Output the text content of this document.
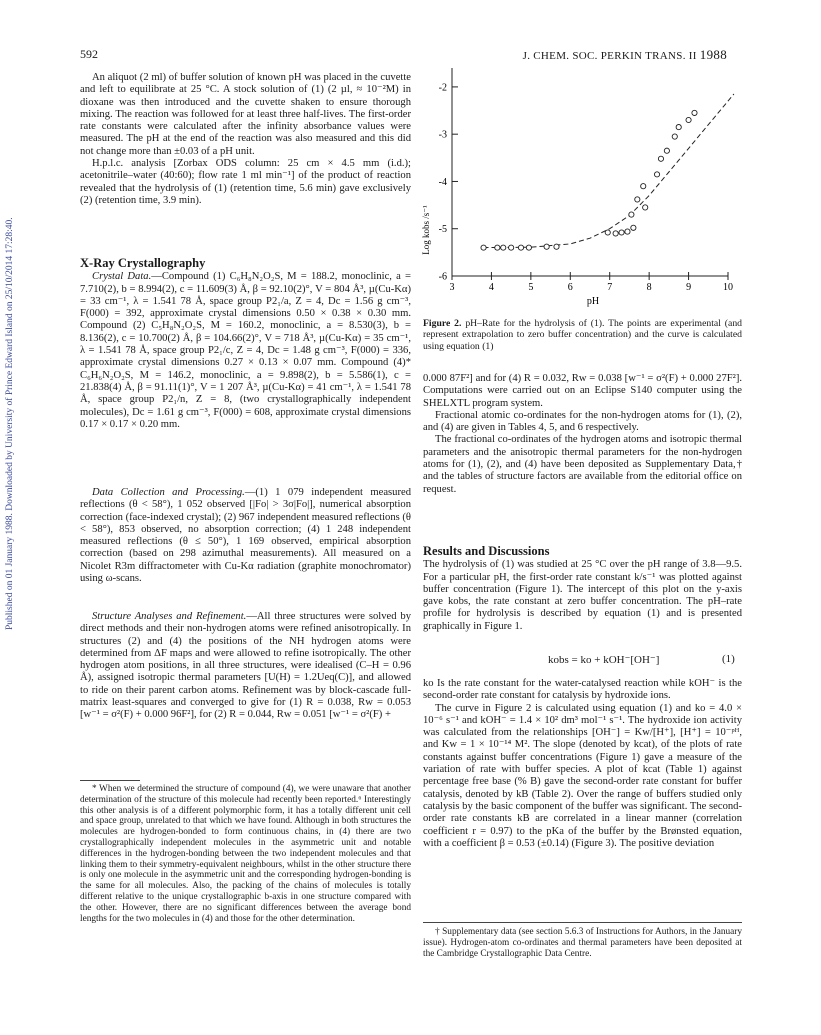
Published on 01 January 1988. Downloaded by University of Prince Edward Island on 25/10/2014 17:28:40.
592	J. CHEM. SOC. PERKIN TRANS. II 1988

An aliquot (2 ml) of buffer solution of known pH was placed in the cuvette and left to equilibrate at 25 °C. A stock solution of (1) (2 µl, ≈ 10⁻²M) in dioxane was then introduced and the cuvette shaken to ensure thorough mixing. The reaction was followed for at least three half-lives. The first-order rate constants were calculated after the infinity absorbance values were measured. The pH at the end of the reaction was also measured and this did not change more than ±0.03 of a pH unit.

H.p.l.c. analysis [Zorbax ODS column: 25 cm × 4.5 mm (i.d.); acetonitrile–water (40:60); flow rate 1 ml min⁻¹] of the product of reaction revealed that the hydrolysis of (1) (retention time, 5.6 min) gave exclusively (2) (retention time, 3.9 min).

X-Ray Crystallography

Crystal Data.—Compound (1) C₆H₈N₂O₂S, M = 188.2, monoclinic, a = 7.710(2), b = 8.994(2), c = 11.609(3) Å, β = 92.10(2)°, V = 804 Å³, µ(Cu-Kα) = 33 cm⁻¹, λ = 1.541 78 Å, space group P2₁/a, Z = 4, Dc = 1.56 g cm⁻³, F(000) = 392, approximate crystal dimensions 0.50 × 0.38 × 0.30 mm. Compound (2) C₅H₈N₂O₂S, M = 160.2, monoclinic, a = 8.530(3), b = 8.136(2), c = 10.700(2) Å, β = 104.66(2)°, V = 718 Å³, µ(Cu-Kα) = 35 cm⁻¹, λ = 1.541 78 Å, space group P2₁/c, Z = 4, Dc = 1.48 g cm⁻³, F(000) = 336, approximate crystal dimensions 0.27 × 0.13 × 0.07 mm. Compound (4)* C₆H₆N₂O₂S, M = 146.2, monoclinic, a = 9.898(2), b = 5.586(1), c = 21.838(4) Å, β = 91.11(1)°, V = 1 207 Å³, µ(Cu-Kα) = 41 cm⁻¹, λ = 1.541 78 Å, space group P2₁/n, Z = 8, (two crystallographically independent molecules), Dc = 1.61 g cm⁻³, F(000) = 608, approximate crystal dimensions 0.17 × 0.17 × 0.20 mm.

Data Collection and Processing.—(1) 1 079 independent measured reflections (θ < 58°), 1 052 observed [|Fo| > 3σ|Fo|], numerical absorption correction (face-indexed crystal); (2) 967 independent measured reflections (θ < 58°), 853 observed, no absorption correction; (4) 1 248 independent measured reflections (θ ≤ 50°), 1 169 observed, empirical absorption correction (based on 298 azimuthal measurements). All measured on a Nicolet R3m diffractometer with Cu-Kα radiation (graphite monochromator) using ω-scans.

Structure Analyses and Refinement.—All three structures were solved by direct methods and their non-hydrogen atoms were refined anisotropically. In structures (2) and (4) the positions of the NH hydrogen atoms were determined from ΔF maps and were allowed to refine isotropically. The other hydrogen atom positions, in all three structures, were idealised (C–H = 0.96 Å), assigned isotropic thermal parameters [U(H) = 1.2Ueq(C)], and allowed to ride on their parent carbon atoms. Refinement was by block-cascade full-matrix least-squares and converged to give for (1) R = 0.038, Rw = 0.053 [w⁻¹ = σ²(F) + 0.000 96F²], for (2) R = 0.044, Rw = 0.051 [w⁻¹ = σ²(F) +

* When we determined the structure of compound (4), we were unaware that another determination of the structure of this molecule had recently been reported.⁶ Interestingly this other analysis is of a different polymorphic form, it has a totally different unit cell and space group, unrelated to that which we have found. Although in both structures the molecules are hydrogen-bonded to form continuous chains, in (4) there are two crystallographically independent molecules in the asymmetric unit and notable differences in the hydrogen-bonding between the two independent molecules and that linking them to their symmetry-equivalent neighbours, whilst in the other structure there is only one molecule in the asymmetric unit and the corresponding hydrogen-bonding is the same for all molecules. Also, the packing of the chains of molecules is totally different relative to the unique crystallographic b-axis in one structure compared with the other. However, there are no significant differences between the average bond lengths for the two molecules in (4) and those for the other determination.

3	4	5	6	7	8	9	10
-2
-3
-4
-5
-6
Log kobs /s⁻¹
pH
Figure 2. pH–Rate for the hydrolysis of (1). The points are experimental (and represent extrapolation to zero buffer concentration) and the curve is calculated using equation (1)

0.000 87F²] and for (4) R = 0.032, Rw = 0.038 [w⁻¹ = σ²(F) + 0.000 27F²]. Computations were carried out on an Eclipse S140 computer using the SHELXTL program system.

Fractional atomic co-ordinates for the non-hydrogen atoms for (1), (2), and (4) are given in Tables 4, 5, and 6 respectively.

The fractional co-ordinates of the hydrogen atoms and isotropic thermal parameters and the anisotropic thermal parameters for the non-hydrogen atoms for (1), (2), and (4) have been deposited as Supplementary Data,† and the tables of structure factors are available from the editorial office on request.

Results and Discussions

The hydrolysis of (1) was studied at 25 °C over the pH range of 3.8—9.5. For a particular pH, the first-order rate constant k/s⁻¹ was plotted against buffer concentration (Figure 1). The intercept of this plot on the y-axis gave kobs, the rate constant at zero buffer concentration. The pH–rate profile for hydrolysis is described by equation (1) and is presented graphically in Figure 1.

kobs = ko + kOH⁻[OH⁻]	(1)

ko Is the rate constant for the water-catalysed reaction while kOH⁻ is the second-order rate constant for catalysis by hydroxide ions.

The curve in Figure 2 is calculated using equation (1) and ko = 4.0 × 10⁻⁶ s⁻¹ and kOH⁻ = 1.4 × 10² dm³ mol⁻¹ s⁻¹. The hydroxide ion activity was calculated from the relationships [OH⁻] = Kw/[H⁺], [H⁺] = 10⁻ᵖᴴ, and Kw = 1 × 10⁻¹⁴ M². The slope (denoted by kcat), of the plots of rate constants against buffer concentrations (Figure 1) gave a measure of the variation of rate with buffer species. A plot of kcat (Table 1) against percentage free base (% B) gave the second-order rate constant for buffer catalysis, denoted by kB (Table 2). Over the range of buffers studied only catalysis by the basic component of the buffer was significant. The second-order rate constants kB are correlated in a linear manner (correlation coefficient r = 0.97) to the pKa of the buffer by the Brønsted equation, with a coefficient β = 0.53 (±0.14) (Figure 3). The positive deviation

† Supplementary data (see section 5.6.3 of Instructions for Authors, in the January issue). Hydrogen-atom co-ordinates and thermal parameters have been deposited at the Cambridge Crystallographic Data Centre.
